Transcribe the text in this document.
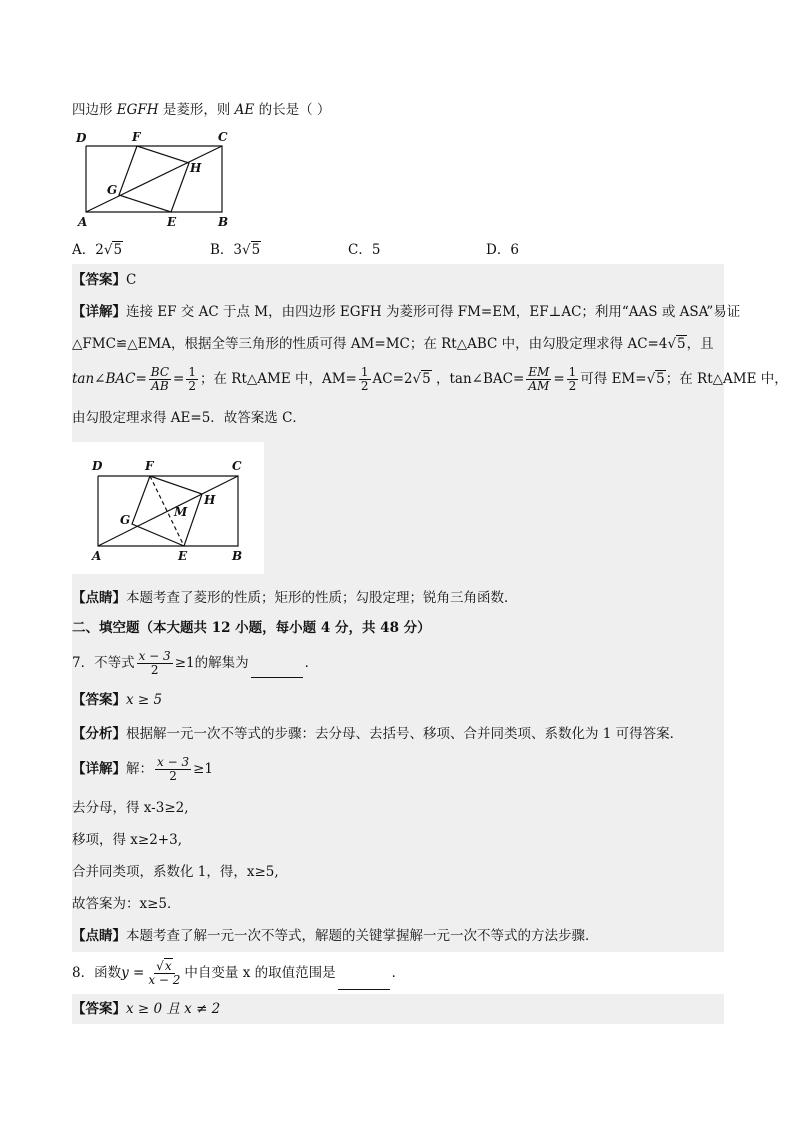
四边形 EGFH 是菱形，则 AE 的长是（ ）
D	F	C
G
H
A	E	B
A．2√5	B．3√5	C．5	D．6
【答案】C
【详解】连接 EF 交 AC 于点 M，由四边形 EGFH 为菱形可得 FM=EM，EF⊥AC；利用“AAS 或 ASA”易证
△FMC≌△EMA，根据全等三角形的性质可得 AM=MC；在 Rt△ABC 中，由勾股定理求得 AC=4√5，且
tan∠BAC= $\frac{BC}{AB} = \frac{1}{2}$ ；在 Rt△AME 中，$AM= \frac{1}{2} AC=2√5$ ，tan∠BAC= $\frac{EM}{AM} = \frac{1}{2}$ 可得 EM=√5；在 Rt△AME 中，
由勾股定理求得 AE=5．故答案选 C．
D	F	C
G
M
H
A	E	B
【点睛】本题考查了菱形的性质；矩形的性质；勾股定理；锐角三角函数．
二、填空题（本大题共 12 小题，每小题 4 分，共 48 分）
7．不等式 $\frac{x - 3}{2} \ge 1$的解集为	．
【答案】x ≥ 5
【分析】根据解一元一次不等式的步骤：去分母、去括号、移项、合并同类项、系数化为 1 可得答案．
【详解】解： $\frac{x - 3}{2} \ge 1$
去分母，得 x-3≥2,
移项，得 x≥2+3,
合并同类项，系数化 1，得，x≥5,
故答案为：x≥5．
【点睛】本题考查了解一元一次不等式，解题的关键掌握解一元一次不等式的方法步骤．
8．函数$y = \frac{√x}{x - 2}$ 中自变量 x 的取值范围是	．
【答案】x ≥ 0 且 x ≠ 2
